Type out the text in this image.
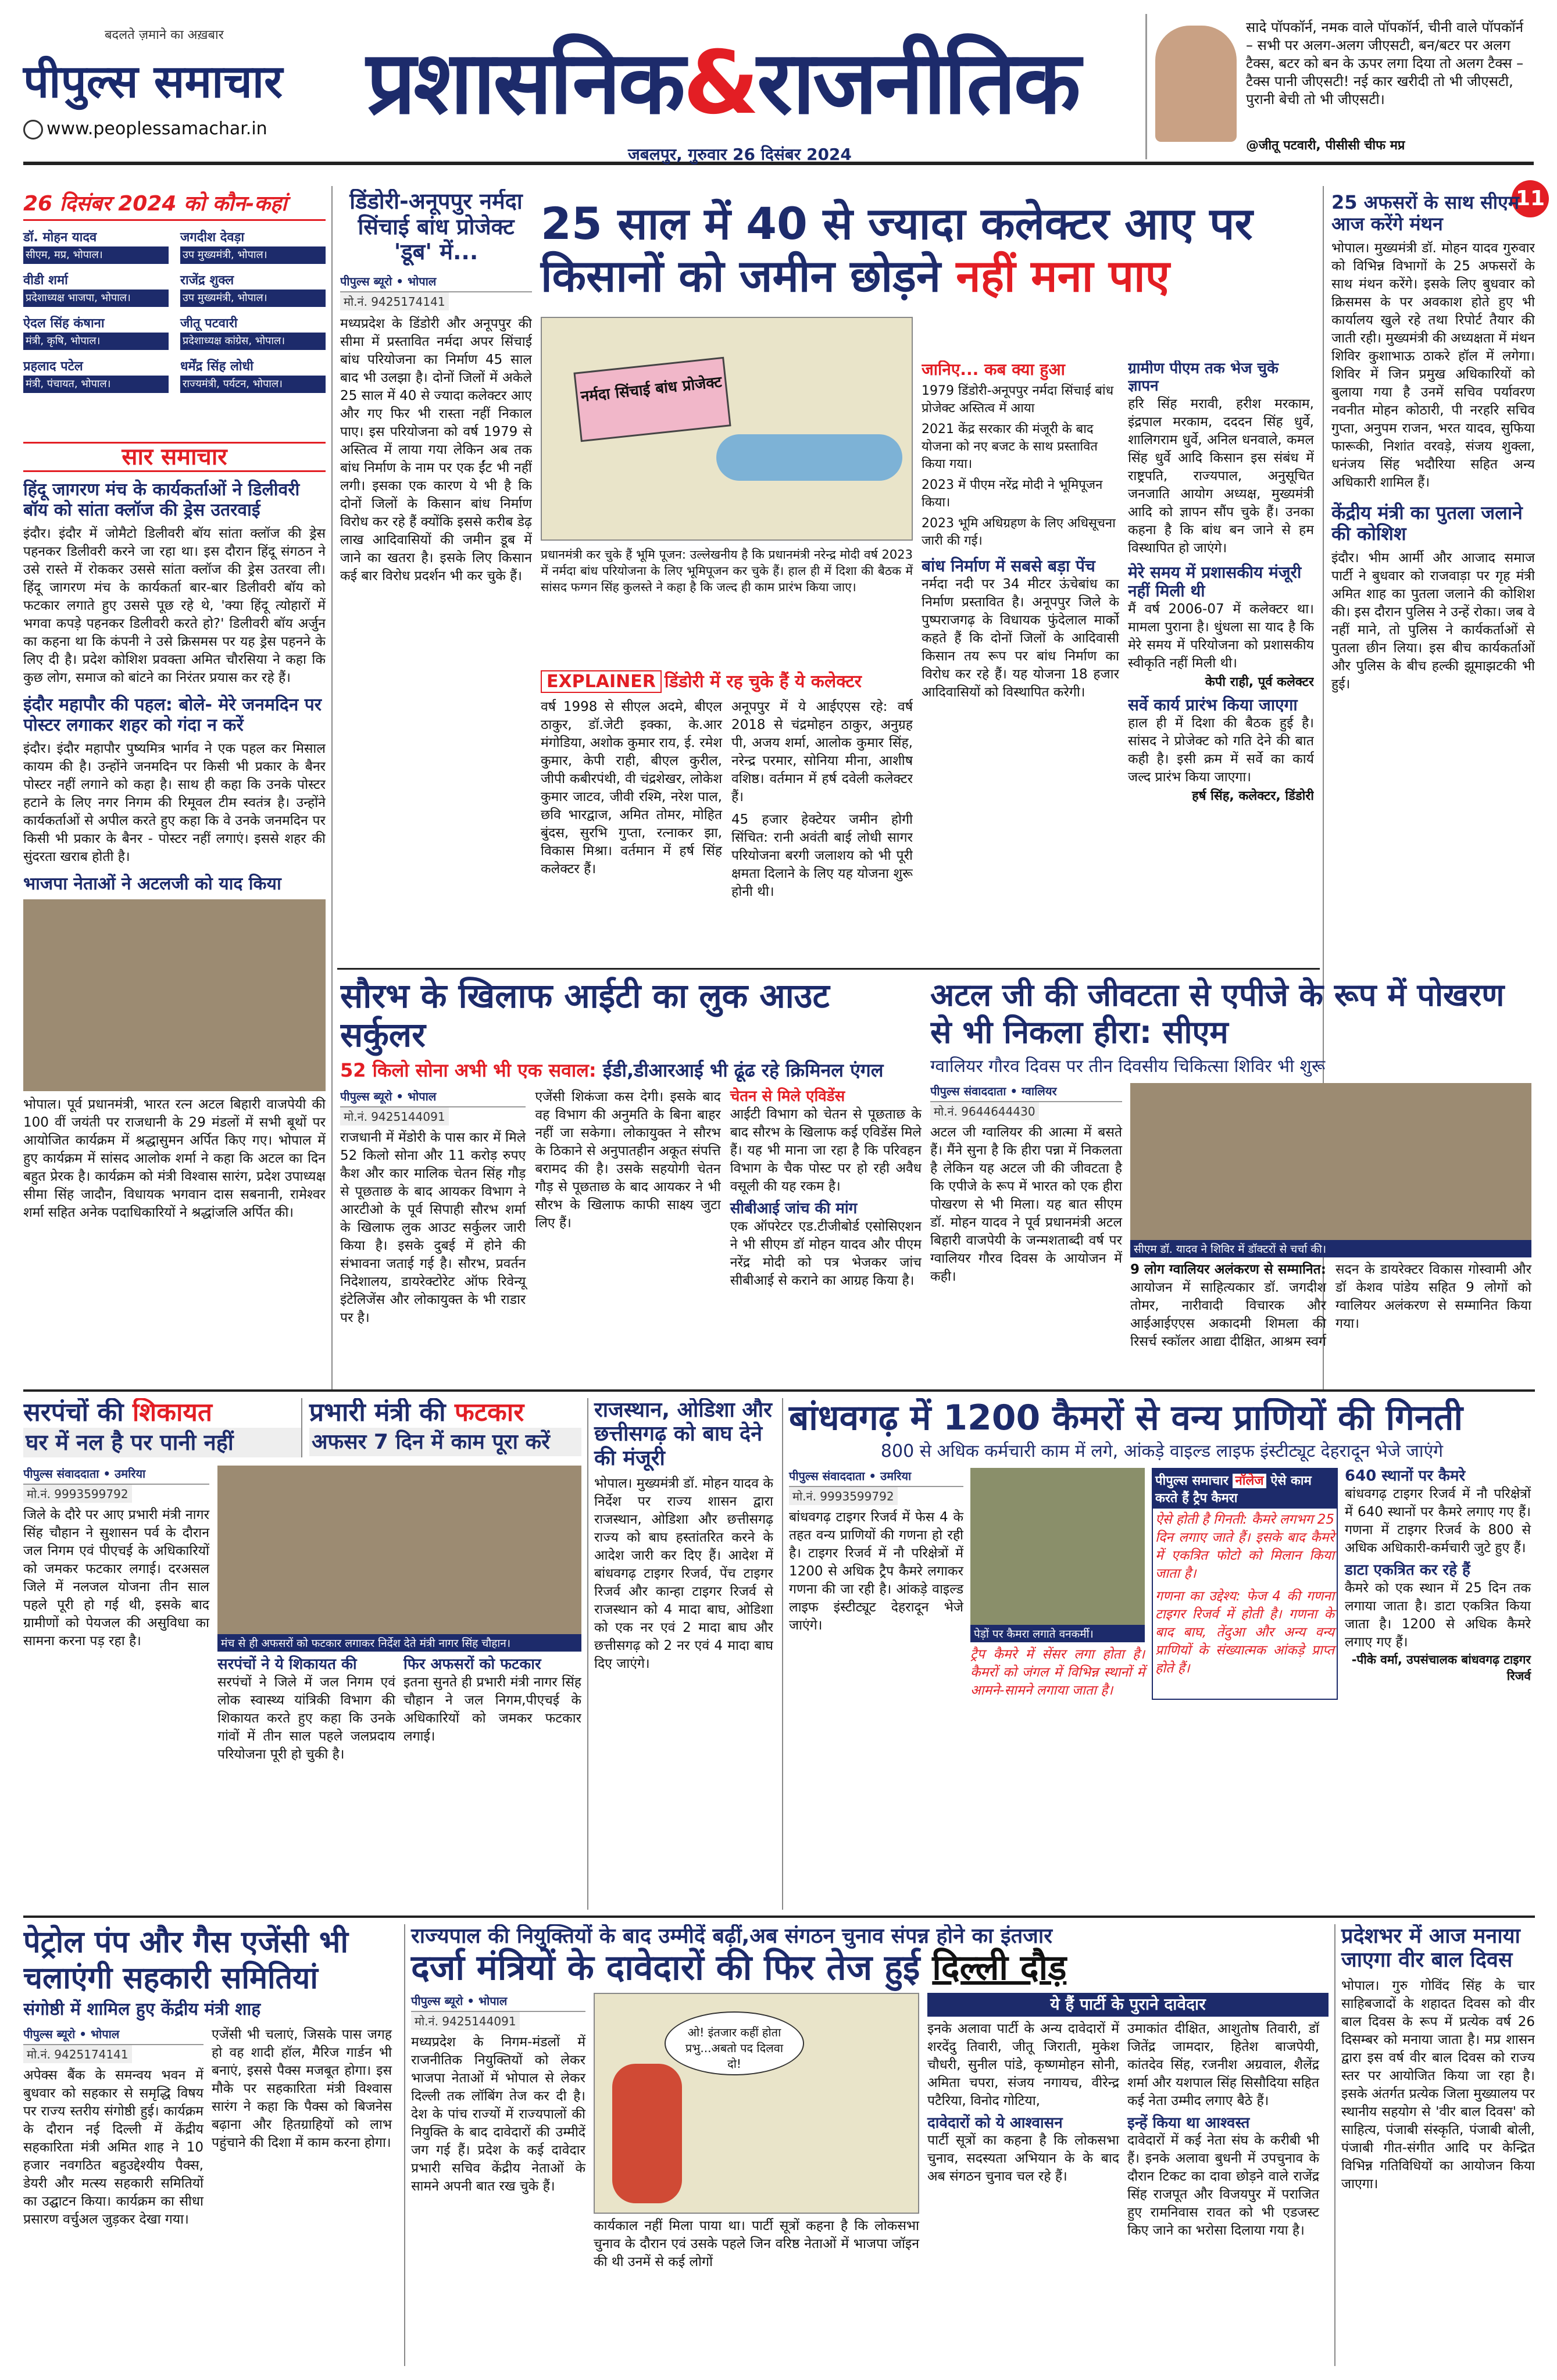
बदलते ज़माने का अख़बार
पीपुल्स समाचार
www.peoplessamachar.in प्रशासनिक&राजनीतिक
जबलपुर, गुरुवार 26 दिसंबर 2024
सादे पॉपकॉर्न, नमक वाले पॉपकॉर्न, चीनी वाले पॉपकॉर्न – सभी पर अलग-अलग जीएसटी, बन/बटर पर अलग टैक्स, बटर को बन के ऊपर लगा दिया तो अलग टैक्स – टैक्स पानी जीएसटी! नई कार खरीदी तो भी जीएसटी, पुरानी बेची तो भी जीएसटी।
@जीतू पटवारी, पीसीसी चीफ मप्र
11
26 दिसंबर 2024 को कौन-कहां
डॉ. मोहन यादव
सीएम, मप्र, भोपाल।
जगदीश देवड़ा
उप मुख्यमंत्री, भोपाल।
वीडी शर्मा
प्रदेशाध्यक्ष भाजपा, भोपाल।
राजेंद्र शुक्ल
उप मुख्यमंत्री, भोपाल।
ऐदल सिंह कंषाना
मंत्री, कृषि, भोपाल।
जीतू पटवारी
प्रदेशाध्यक्ष कांग्रेस, भोपाल।
प्रहलाद पटेल
मंत्री, पंचायत, भोपाल।
धर्मेंद्र सिंह लोधी
राज्यमंत्री, पर्यटन, भोपाल।
सार समाचार
हिंदू जागरण मंच के कार्यकर्ताओं ने डिलीवरी बॉय को सांता क्लॉज की ड्रेस उतरवाई

इंदौर। इंदौर में जोमैटो डिलीवरी बॉय सांता क्लॉज की ड्रेस पहनकर डिलीवरी करने जा रहा था। इस दौरान हिंदू संगठन ने उसे रास्ते में रोककर उससे सांता क्लॉज की ड्रेस उतरवा ली। हिंदू जागरण मंच के कार्यकर्ता बार-बार डिलीवरी बॉय को फटकार लगाते हुए उससे पूछ रहे थे, 'क्या हिंदू त्योहारों में भगवा कपड़े पहनकर डिलीवरी करते हो?' डिलीवरी बॉय अर्जुन का कहना था कि कंपनी ने उसे क्रिसमस पर यह ड्रेस पहनने के लिए दी है। प्रदेश कोशिश प्रवक्ता अमित चौरसिया ने कहा कि कुछ लोग, समाज को बांटने का निरंतर प्रयास कर रहे हैं।

इंदौर महापौर की पहल: बोले- मेरे जनमदिन पर पोस्टर लगाकर शहर को गंदा न करें

इंदौर। इंदौर महापौर पुष्यमित्र भार्गव ने एक पहल कर मिसाल कायम की है। उन्होंने जनमदिन पर किसी भी प्रकार के बैनर पोस्टर नहीं लगाने को कहा है। साथ ही कहा कि उनके पोस्टर हटाने के लिए नगर निगम की रिमूवल टीम स्वतंत्र है। उन्होंने कार्यकर्ताओं से अपील करते हुए कहा कि वे उनके जनमदिन पर किसी भी प्रकार के बैनर - पोस्टर नहीं लगाएं। इससे शहर की सुंदरता खराब होती है।

भाजपा नेताओं ने अटलजी को याद किया

भोपाल। पूर्व प्रधानमंत्री, भारत रत्न अटल बिहारी वाजपेयी की 100 वीं जयंती पर राजधानी के 29 मंडलों में सभी बूथों पर आयोजित कार्यक्रम में श्रद्धासुमन अर्पित किए गए। भोपाल में हुए कार्यक्रम में सांसद आलोक शर्मा ने कहा कि अटल का दिन बहुत प्रेरक है। कार्यक्रम को मंत्री विश्वास सारंग, प्रदेश उपाध्यक्ष सीमा सिंह जादौन, विधायक भगवान दास सबनानी, रामेश्वर शर्मा सहित अनेक पदाधिकारियों ने श्रद्धांजलि अर्पित की।

डिंडोरी-अनूपपुर नर्मदा सिंचाई बांध प्रोजेक्ट 'डूब' में...
पीपुल्स ब्यूरो • भोपाल
मो.नं. 9425174141

मध्यप्रदेश के डिंडोरी और अनूपपुर की सीमा में प्रस्तावित नर्मदा अपर सिंचाई बांध परियोजना का निर्माण 45 साल बाद भी उलझा है। दोनों जिलों में अकेले 25 साल में 40 से ज्यादा कलेक्टर आए और गए फिर भी रास्ता नहीं निकाल पाए। इस परियोजना को वर्ष 1979 से अस्तित्व में लाया गया लेकिन अब तक बांध निर्माण के नाम पर एक ईंट भी नहीं लगी। इसका एक कारण ये भी है कि दोनों जिलों के किसान बांध निर्माण विरोध कर रहे हैं क्योंकि इससे करीब डेढ़ लाख आदिवासियों की जमीन डूब में जाने का खतरा है। इसके लिए किसान कई बार विरोध प्रदर्शन भी कर चुके हैं।

25 साल में 40 से ज्यादा कलेक्टर आए पर
किसानों को जमीन छोड़ने नहीं मना पाए
नर्मदा सिंचाई बांध प्रोजेक्ट

प्रधानमंत्री कर चुके हैं भूमि पूजन: उल्लेखनीय है कि प्रधानमंत्री नरेन्द्र मोदी वर्ष 2023 में नर्मदा बांध परियोजना के लिए भूमिपूजन कर चुके हैं। हाल ही में दिशा की बैठक में सांसद फग्गन सिंह कुलस्ते ने कहा है कि जल्द ही काम प्रारंभ किया जाए।

EXPLAINER डिंडोरी में रह चुके हैं ये कलेक्टर

वर्ष 1998 से सीएल अदमे, बीएल ठाकुर, डॉ.जेटी इक्का, के.आर मंगोडिया, अशोक कुमार राय, ई. रमेश कुमार, केपी राही, बीएल कुरील, जीपी कबीरपंथी, वी चंद्रशेखर, लोकेश कुमार जाटव, जीवी रश्मि, नरेश पाल, छवि भारद्वाज, अमित तोमर, मोहित बुंदस, सुरभि गुप्ता, रत्नाकर झा, विकास मिश्रा। वर्तमान में हर्ष सिंह कलेक्टर हैं।

अनूपपुर में ये आईएएस रहे: वर्ष 2018 से चंद्रमोहन ठाकुर, अनुग्रह पी, अजय शर्मा, आलोक कुमार सिंह, नरेन्द्र परमार, सोनिया मीना, आशीष वशिष्ठ। वर्तमान में हर्ष दवेली कलेक्टर हैं।

45 हजार हेक्टेयर जमीन होगी सिंचित: रानी अवंती बाई लोधी सागर परियोजना बरगी जलाशय को भी पूरी क्षमता दिलाने के लिए यह योजना शुरू होनी थी।

जानिए... कब क्या हुआ
1979 डिंडोरी-अनूपपुर नर्मदा सिंचाई बांध प्रोजेक्ट अस्तित्व में आया
2021 केंद्र सरकार की मंजूरी के बाद योजना को नए बजट के साथ प्रस्तावित किया गया।
2023 में पीएम नरेंद्र मोदी ने भूमिपूजन किया।
2023 भूमि अधिग्रहण के लिए अधिसूचना जारी की गई।
बांध निर्माण में सबसे बड़ा पेंच

नर्मदा नदी पर 34 मीटर ऊंचेबांध का निर्माण प्रस्तावित है। अनूपपुर जिले के पुष्पराजगढ़ के विधायक फुंदेलाल मार्को कहते हैं कि दोनों जिलों के आदिवासी किसान तय रूप पर बांध निर्माण का विरोध कर रहे हैं। यह योजना 18 हजार आदिवासियों को विस्थापित करेगी।

ग्रामीण पीएम तक भेज चुके ज्ञापन

हरि सिंह मरावी, हरीश मरकाम, इंद्रपाल मरकाम, दददन सिंह धुर्वे, शालिगराम धुर्वे, अनिल धनवाले, कमल सिंह धुर्वे आदि किसान इस संबंध में राष्ट्रपति, राज्यपाल, अनुसूचित जनजाति आयोग अध्यक्ष, मुख्यमंत्री आदि को ज्ञापन सौंप चुके हैं। उनका कहना है कि बांध बन जाने से हम विस्थापित हो जाएंगे।

मेरे समय में प्रशासकीय मंजूरी नहीं मिली थी

मैं वर्ष 2006-07 में कलेक्टर था। मामला पुराना है। धुंधला सा याद है कि मेरे समय में परियोजना को प्रशासकीय स्वीकृति नहीं मिली थी।

केपी राही, पूर्व कलेक्टर
सर्वे कार्य प्रारंभ किया जाएगा

हाल ही में दिशा की बैठक हुई है। सांसद ने प्रोजेक्ट को गति देने की बात कही है। इसी क्रम में सर्वे का कार्य जल्द प्रारंभ किया जाएगा।

हर्ष सिंह, कलेक्टर, डिंडोरी
25 अफसरों के साथ सीएम आज करेंगे मंथन

भोपाल। मुख्यमंत्री डॉ. मोहन यादव गुरुवार को विभिन्न विभागों के 25 अफसरों के साथ मंथन करेंगे। इसके लिए बुधवार को क्रिसमस के पर अवकाश होते हुए भी कार्यालय खुले रहे तथा रिपोर्ट तैयार की जाती रही। मुख्यमंत्री की अध्यक्षता में मंथन शिविर कुशाभाऊ ठाकरे हॉल में लगेगा। शिविर में जिन प्रमुख अधिकारियों को बुलाया गया है उनमें सचिव पर्यावरण नवनीत मोहन कोठारी, पी नरहरि सचिव गुप्ता, अनुपम राजन, भरत यादव, सुफिया फारूकी, निशांत वरवड़े, संजय शुक्ला, धनंजय सिंह भदौरिया सहित अन्य अधिकारी शामिल हैं।

केंद्रीय मंत्री का पुतला जलाने की कोशिश

इंदौर। भीम आर्मी और आजाद समाज पार्टी ने बुधवार को राजवाड़ा पर गृह मंत्री अमित शाह का पुतला जलाने की कोशिश की। इस दौरान पुलिस ने उन्हें रोका। जब वे नहीं माने, तो पुलिस ने कार्यकर्ताओं से पुतला छीन लिया। इस बीच कार्यकर्ताओं और पुलिस के बीच हल्की झूमाझटकी भी हुई।

सौरभ के खिलाफ आईटी का लुक आउट सर्कुलर
52 किलो सोना अभी भी एक सवाल: ईडी,डीआरआई भी ढूंढ रहे क्रिमिनल एंगल
पीपुल्स ब्यूरो • भोपाल
मो.नं. 9425144091

राजधानी में मेंडोरी के पास कार में मिले 52 किलो सोना और 11 करोड़ रुपए कैश और कार मालिक चेतन सिंह गौड़ से पूछताछ के बाद आयकर विभाग ने आरटीओ के पूर्व सिपाही सौरभ शर्मा के खिलाफ लुक आउट सर्कुलर जारी किया है। इसके दुबई में होने की संभावना जताई गई है। सौरभ, प्रवर्तन निदेशालय, डायरेक्टोरेट ऑफ रिवेन्यू इंटेलिजेंस और लोकायुक्त के भी राडार पर है।

एजेंसी शिकंजा कस देगी। इसके बाद वह विभाग की अनुमति के बिना बाहर नहीं जा सकेगा। लोकायुक्त ने सौरभ के ठिकाने से अनुपातहीन अकूत संपत्ति बरामद की है। उसके सहयोगी चेतन गौड़ से पूछताछ के बाद आयकर ने भी सौरभ के खिलाफ काफी साक्ष्य जुटा लिए हैं।

चेतन से मिले एविडेंस

आईटी विभाग को चेतन से पूछताछ के बाद सौरभ के खिलाफ कई एविडेंस मिले हैं। यह भी माना जा रहा है कि परिवहन विभाग के चैक पोस्ट पर हो रही अवैध वसूली की यह रकम है।

सीबीआई जांच की मांग

एक ऑपरेटर एड.टीजीबोर्ड एसोसिएशन ने भी सीएम डॉ मोहन यादव और पीएम नरेंद्र मोदी को पत्र भेजकर जांच सीबीआई से कराने का आग्रह किया है।

अटल जी की जीवटता से एपीजे के रूप में पोखरण से भी निकला हीरा: सीएम
ग्वालियर गौरव दिवस पर तीन दिवसीय चिकित्सा शिविर भी शुरू
पीपुल्स संवाददाता • ग्वालियर
मो.नं. 9644644430

अटल जी ग्वालियर की आत्मा में बसते हैं। मैंने सुना है कि हीरा पन्ना में निकलता है लेकिन यह अटल जी की जीवटता है कि एपीजे के रूप में भारत को एक हीरा पोखरण से भी मिला। यह बात सीएम डॉ. मोहन यादव ने पूर्व प्रधानमंत्री अटल बिहारी वाजपेयी के जन्मशताब्दी वर्ष पर ग्वालियर गौरव दिवस के आयोजन में कही।

सीएम डॉ. यादव ने शिविर में डॉक्टरों से चर्चा की।

9 लोग ग्वालियर अलंकरण से सम्मानित: आयोजन में साहित्यकार डॉ. जगदीश तोमर, नारीवादी विचारक और आईआईएएस अकादमी शिमला की रिसर्च स्कॉलर आद्या दीक्षित, आश्रम स्वर्ग सदन के डायरेक्टर विकास गोस्वामी और डॉ केशव पांडेय सहित 9 लोगों को ग्वालियर अलंकरण से सम्मानित किया गया।

सरपंचों की शिकायत
घर में नल है पर पानी नहीं
प्रभारी मंत्री की फटकार
अफसर 7 दिन में काम पूरा करें
पीपुल्स संवाददाता • उमरिया
मो.नं. 9993599792

जिले के दौरे पर आए प्रभारी मंत्री नागर सिंह चौहान ने सुशासन पर्व के दौरान जल निगम एवं पीएचई के अधिकारियों को जमकर फटकार लगाई। दरअसल जिले में नलजल योजना तीन साल पहले पूरी हो गई थी, इसके बाद ग्रामीणों को पेयजल की असुविधा का सामना करना पड़ रहा है।	मंच से ही अफसरों को फटकार लगाकर निर्देश देते मंत्री नागर सिंह चौहान।
सरपंचों ने ये शिकायत की

सरपंचों ने जिले में जल निगम एवं लोक स्वास्थ्य यांत्रिकी विभाग की शिकायत करते हुए कहा कि उनके गांवों में तीन साल पहले जलप्रदाय परियोजना पूरी हो चुकी है।

फिर अफसरों को फटकार

इतना सुनते ही प्रभारी मंत्री नागर सिंह चौहान ने जल निगम,पीएचई के अधिकारियों को जमकर फटकार लगाई।

राजस्थान, ओडिशा और छत्तीसगढ़ को बाघ देने की मंजूरी

भोपाल। मुख्यमंत्री डॉ. मोहन यादव के निर्देश पर राज्य शासन द्वारा राजस्थान, ओडिशा और छत्तीसगढ़ राज्य को बाघ हस्तांतरित करने के आदेश जारी कर दिए हैं। आदेश में बांधवगढ़ टाइगर रिजर्व, पेंच टाइगर रिजर्व और कान्हा टाइगर रिजर्व से राजस्थान को 4 मादा बाघ, ओडिशा को एक नर एवं 2 मादा बाघ और छत्तीसगढ़ को 2 नर एवं 4 मादा बाघ दिए जाएंगे।

बांधवगढ़ में 1200 कैमरों से वन्य प्राणियों की गिनती
800 से अधिक कर्मचारी काम में लगे, आंकड़े वाइल्ड लाइफ इंस्टीट्यूट देहरादून भेजे जाएंगे
पीपुल्स संवाददाता • उमरिया
मो.नं. 9993599792

बांधवगढ़ टाइगर रिजर्व में फेस 4 के तहत वन्य प्राणियों की गणना हो रही है। टाइगर रिजर्व में नौ परिक्षेत्रों में 1200 से अधिक ट्रैप कैमरे लगाकर गणना की जा रही है। आंकड़े वाइल्ड लाइफ इंस्टीट्यूट देहरादून भेजे जाएंगे।

पेड़ों पर कैमरा लगाते वनकर्मी।

ट्रैप कैमरे में सेंसर लगा होता है। कैमरों को जंगल में विभिन्न स्थानों में आमने-सामने लगाया जाता है।

पीपुल्स समाचार नॉलेज ऐसे काम करते हैं ट्रैप कैमरा

ऐसे होती है गिनती: कैमरे लगभग 25 दिन लगाए जाते हैं। इसके बाद कैमरे में एकत्रित फोटो को मिलान किया जाता है।

गणना का उद्देश्य: फेज 4 की गणना टाइगर रिजर्व में होती है। गणना के बाद बाघ, तेंदुआ और अन्य वन्य प्राणियों के संख्यात्मक आंकड़े प्राप्त होते हैं।

640 स्थानों पर कैमरे

बांधवगढ़ टाइगर रिजर्व में नौ परिक्षेत्रों में 640 स्थानों पर कैमरे लगाए गए हैं। गणना में टाइगर रिजर्व के 800 से अधिक अधिकारी-कर्मचारी जुटे हुए हैं।

डाटा एकत्रित कर रहे हैं

कैमरे को एक स्थान में 25 दिन तक लगाया जाता है। डाटा एकत्रित किया जाता है। 1200 से अधिक कैमरे लगाए गए हैं।

-पीके वर्मा, उपसंचालक बांधवगढ़ टाइगर रिजर्व
पेट्रोल पंप और गैस एजेंसी भी चलाएंगी सहकारी समितियां
संगोष्ठी में शामिल हुए केंद्रीय मंत्री शाह
पीपुल्स ब्यूरो • भोपाल
मो.नं. 9425174141

अपेक्स बैंक के समन्वय भवन में बुधवार को सहकार से समृद्धि विषय पर राज्य स्तरीय संगोष्ठी हुई। कार्यक्रम के दौरान नई दिल्ली में केंद्रीय सहकारिता मंत्री अमित शाह ने 10 हजार नवगठित बहुउद्देश्यीय पैक्स, डेयरी और मत्स्य सहकारी समितियों का उद्घाटन किया। कार्यक्रम का सीधा प्रसारण वर्चुअल जुड़कर देखा गया।

एजेंसी भी चलाएं, जिसके पास जगह हो वह शादी हॉल, मैरिज गार्डन भी बनाएं, इससे पैक्स मजबूत होगा। इस मौके पर सहकारिता मंत्री विश्वास सारंग ने कहा कि पैक्स को बिजनेस बढ़ाना और हितग्राहियों को लाभ पहुंचाने की दिशा में काम करना होगा।

राज्यपाल की नियुक्तियों के बाद उम्मीदें बढ़ीं,अब संगठन चुनाव संपन्न होने का इंतजार
दर्जा मंत्रियों के दावेदारों की फिर तेज हुई दिल्ली दौड़
पीपुल्स ब्यूरो • भोपाल
मो.नं. 9425144091

मध्यप्रदेश के निगम-मंडलों में राजनीतिक नियुक्तियों को लेकर भाजपा नेताओं में भोपाल से लेकर दिल्ली तक लॉबिंग तेज कर दी है। देश के पांच राज्यों में राज्यपालों की नियुक्ति के बाद दावेदारों की उम्मीदें जग गई हैं। प्रदेश के कई दावेदार प्रभारी सचिव केंद्रीय नेताओं के सामने अपनी बात रख चुके हैं।

ओ! इंतजार कहीं होता प्रभु...अबतो पद दिलवा दो!

कार्यकाल नहीं मिला पाया था। पार्टी सूत्रों कहना है कि लोकसभा चुनाव के दौरान एवं उसके पहले जिन वरिष्ठ नेताओं में भाजपा जॉइन की थी उनमें से कई लोगों

ये हैं पार्टी के पुराने दावेदार

इनके अलावा पार्टी के अन्य दावेदारों में शरदेंदु तिवारी, जीतू जिराती, मुकेश चौधरी, सुनील पांडे, कृष्णमोहन सोनी, अमिता चपरा, संजय नगायच, वीरेन्द्र पटैरिया, विनोद गोटिया,

दावेदारों को ये आश्वासन

पार्टी सूत्रों का कहना है कि लोकसभा चुनाव, सदस्यता अभियान के के बाद अब संगठन चुनाव चल रहे हैं।

उमाकांत दीक्षित, आशुतोष तिवारी, डॉ जितेंद्र जामदार, हितेश बाजपेयी, कांतदेव सिंह, रजनीश अग्रवाल, शैलेंद्र शर्मा और यशपाल सिंह सिसौदिया सहित कई नेता उम्मीद लगाए बैठे हैं।

इन्हें किया था आश्वस्त

दावेदारों में कई नेता संघ के करीबी भी हैं। इनके अलावा बुधनी में उपचुनाव के दौरान टिकट का दावा छोड़ने वाले राजेंद्र सिंह राजपूत और विजयपुर में पराजित हुए रामनिवास रावत को भी एडजस्ट किए जाने का भरोसा दिलाया गया है।

प्रदेशभर में आज मनाया जाएगा वीर बाल दिवस

भोपाल। गुरु गोविंद सिंह के चार साहिबजादों के शहादत दिवस को वीर बाल दिवस के रूप में प्रत्येक वर्ष 26 दिसम्बर को मनाया जाता है। मप्र शासन द्वारा इस वर्ष वीर बाल दिवस को राज्य स्तर पर आयोजित किया जा रहा है। इसके अंतर्गत प्रत्येक जिला मुख्यालय पर स्थानीय सहयोग से 'वीर बाल दिवस' को साहित्य, पंजाबी संस्कृति, पंजाबी बोली, पंजाबी गीत-संगीत आदि पर केन्द्रित विभिन्न गतिविधियों का आयोजन किया जाएगा।
